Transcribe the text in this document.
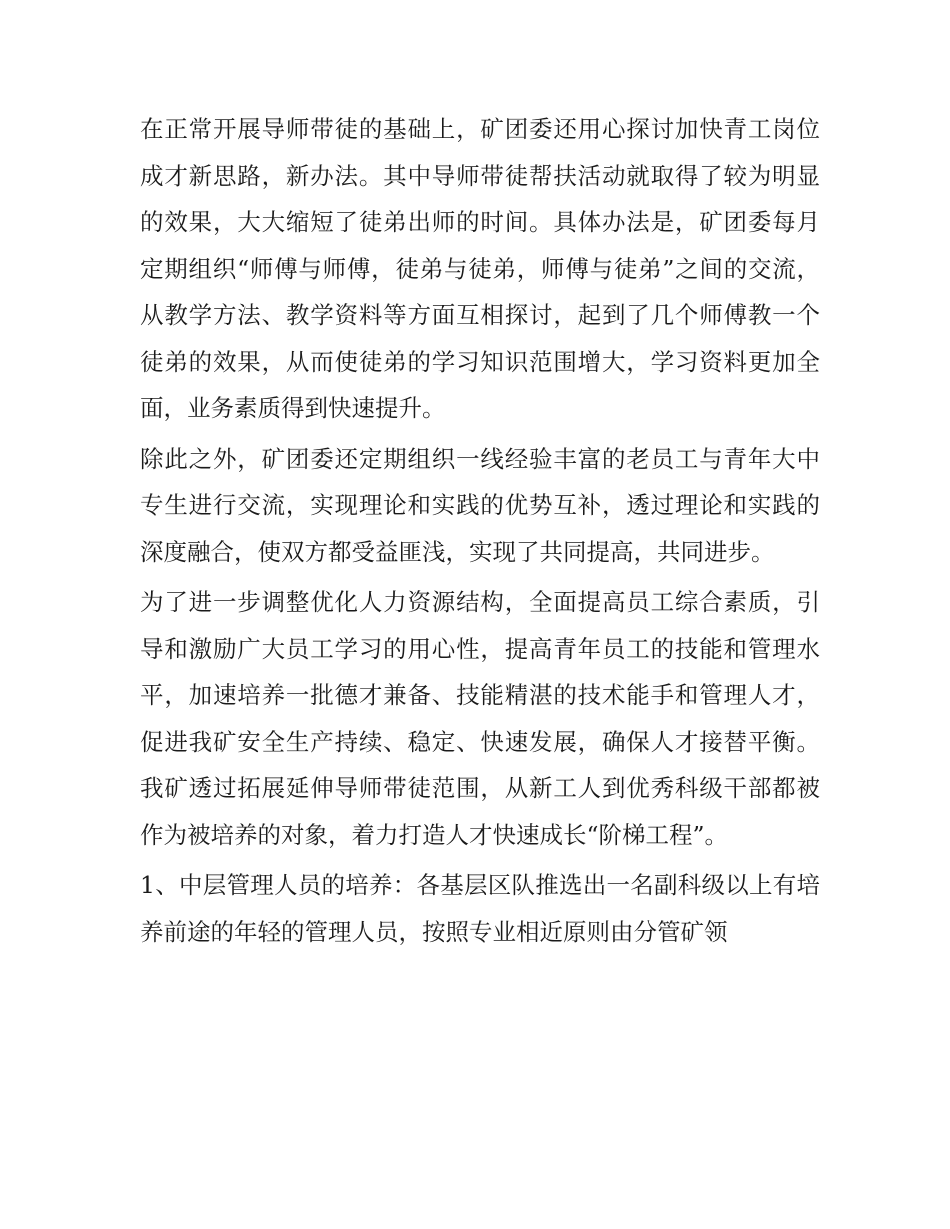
在正常开展导师带徒的基础上，矿团委还用心探讨加快青工岗位成才新思路，新办法。其中导师带徒帮扶活动就取得了较为明显的效果，大大缩短了徒弟出师的时间。具体办法是，矿团委每月定期组织“师傅与师傅，徒弟与徒弟，师傅与徒弟”之间的交流，从教学方法、教学资料等方面互相探讨，起到了几个师傅教一个徒弟的效果，从而使徒弟的学习知识范围增大，学习资料更加全面，业务素质得到快速提升。

除此之外，矿团委还定期组织一线经验丰富的老员工与青年大中专生进行交流，实现理论和实践的优势互补，透过理论和实践的深度融合，使双方都受益匪浅，实现了共同提高，共同进步。

为了进一步调整优化人力资源结构，全面提高员工综合素质，引导和激励广大员工学习的用心性，提高青年员工的技能和管理水平，加速培养一批德才兼备、技能精湛的技术能手和管理人才，促进我矿安全生产持续、稳定、快速发展，确保人才接替平衡。我矿透过拓展延伸导师带徒范围，从新工人到优秀科级干部都被作为被培养的对象，着力打造人才快速成长“阶梯工程”。

1、中层管理人员的培养：各基层区队推选出一名副科级以上有培养前途的年轻的管理人员，按照专业相近原则由分管矿领
